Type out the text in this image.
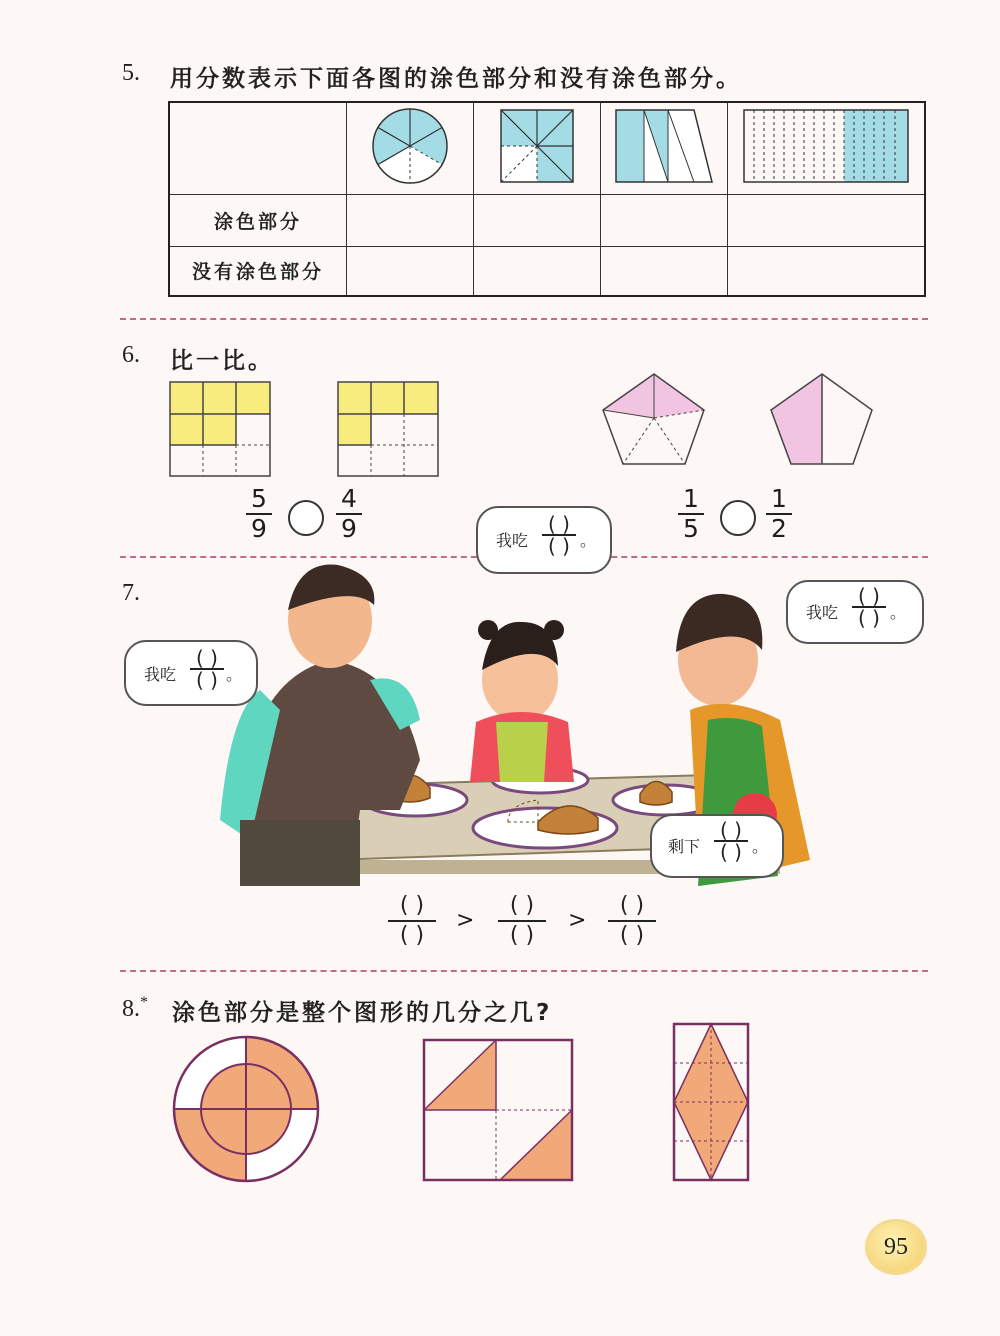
5. 用分数表示下面各图的涂色部分和没有涂色部分。

涂色部分				
没有涂色部分				
6. 比一比。
5
9
4
9
1
5
1
2
7.
我吃
( )
( ) 。
我吃
( )
( ) 。
我吃
( )
( ) 。
剩下
( )
( ) 。
( )
( )
>
( )
( )
>
( )
( )
8.* 涂色部分是整个图形的几分之几?
95
